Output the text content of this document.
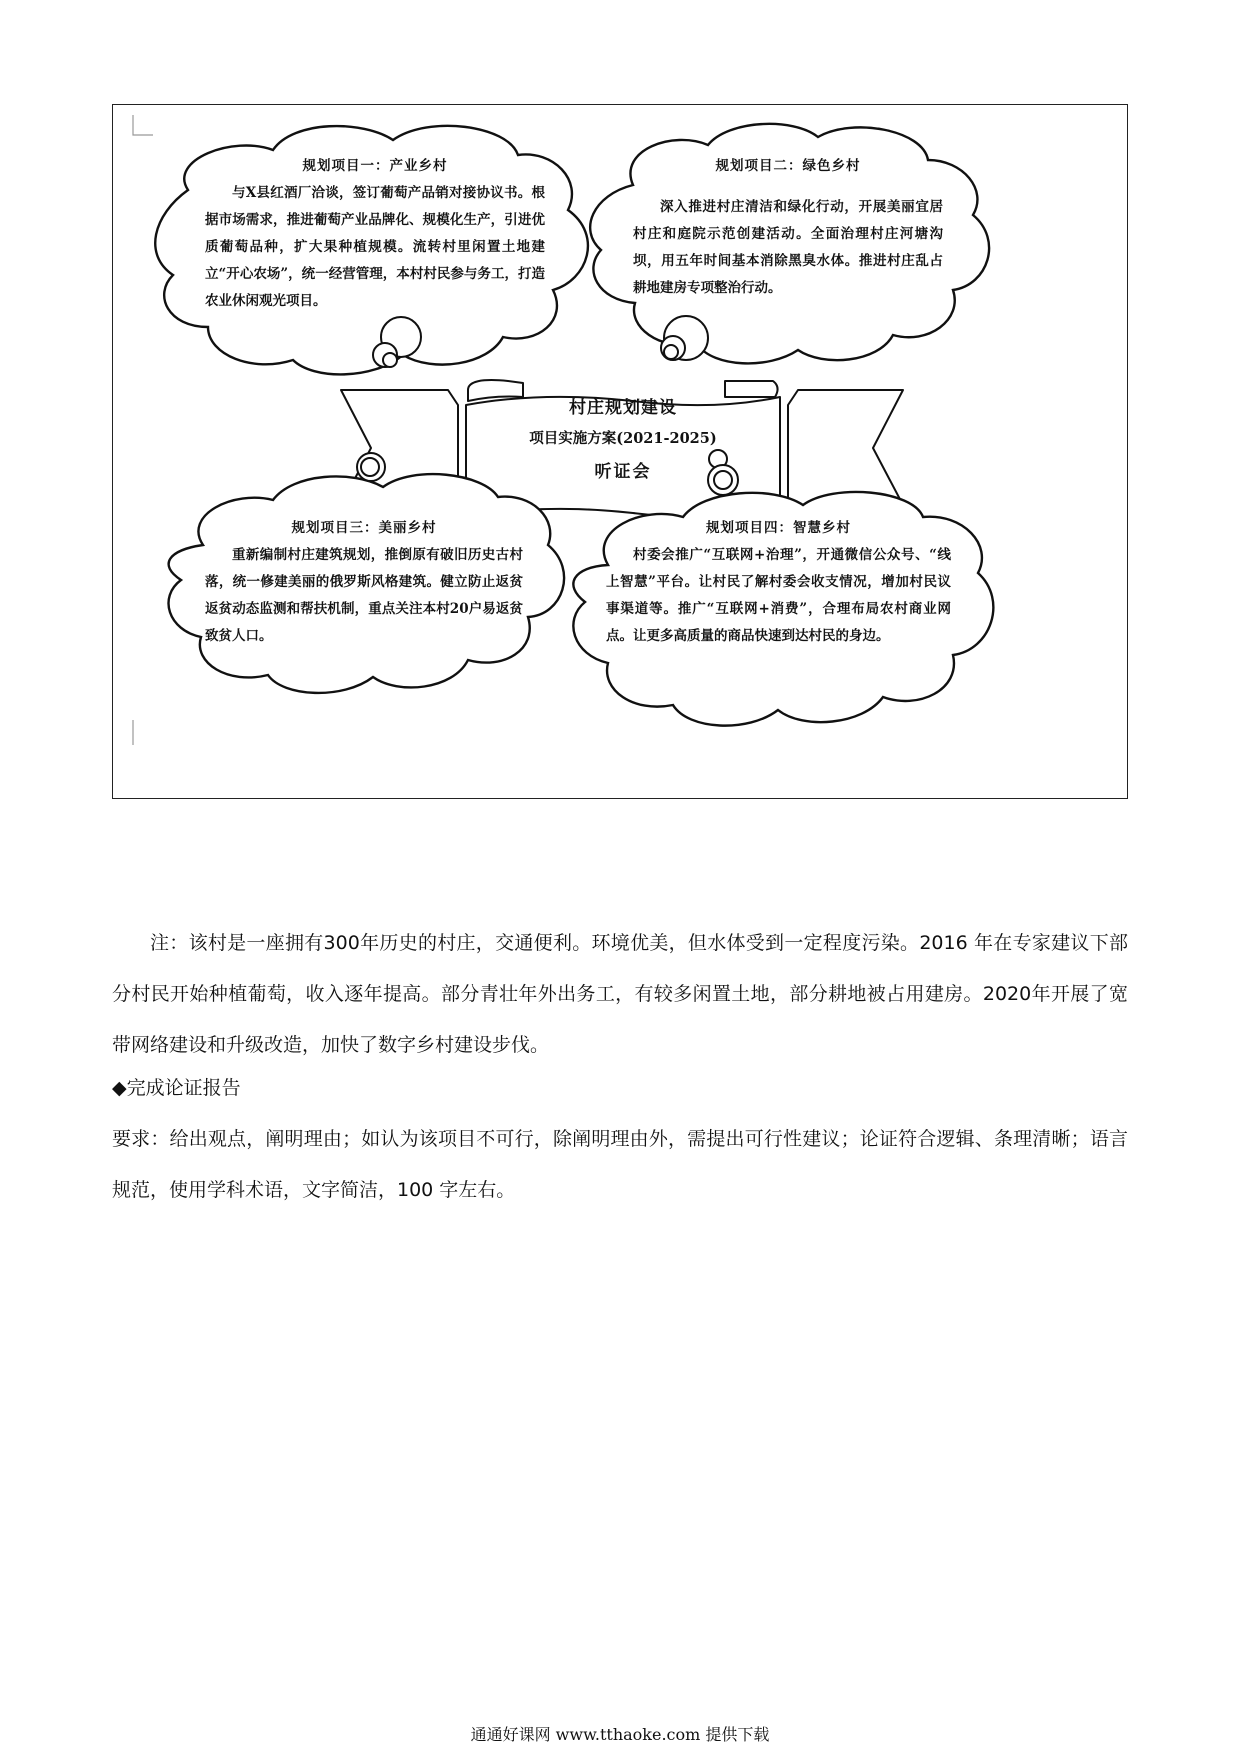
规划项目一：产业乡村
与Ⅹ县红酒厂洽谈，签订葡萄产品销对接协议书。根据市场需求，推进葡萄产业品牌化、规模化生产，引进优质葡萄品种，扩大果种植规模。流转村里闲置土地建立“开心农场”，统一经营管理，本村村民参与务工，打造农业休闲观光项目。
规划项目二：绿色乡村
深入推进村庄清洁和绿化行动，开展美丽宜居村庄和庭院示范创建活动。全面治理村庄河塘沟坝，用五年时间基本消除黑臭水体。推进村庄乱占耕地建房专项整治行动。
规划项目三：美丽乡村
重新编制村庄建筑规划，推倒原有破旧历史古村落，统一修建美丽的俄罗斯风格建筑。健立防止返贫返贫动态监测和帮扶机制，重点关注本村20户易返贫致贫人口。
规划项目四：智慧乡村
村委会推广“互联网+治理”，开通微信公众号、“线上智慧”平台。让村民了解村委会收支情况，增加村民议事渠道等。推广“互联网+消费”，合理布局农村商业网点。让更多高质量的商品快速到达村民的身边。
村庄规划建设
项目实施方案(2021-2025)
听证会
注：该村是一座拥有300年历史的村庄，交通便利。环境优美，但水体受到一定程度污染。2016 年在专家建议下部分村民开始种植葡萄，收入逐年提高。部分青壮年外出务工，有较多闲置土地，部分耕地被占用建房。2020年开展了宽带网络建设和升级改造，加快了数字乡村建设步伐。
◆完成论证报告
要求：给出观点，阐明理由；如认为该项目不可行，除阐明理由外，需提出可行性建议；论证符合逻辑、条理清晰；语言规范，使用学科术语，文字简洁，100 字左右。
通通好课网 www.tthaoke.com 提供下载
